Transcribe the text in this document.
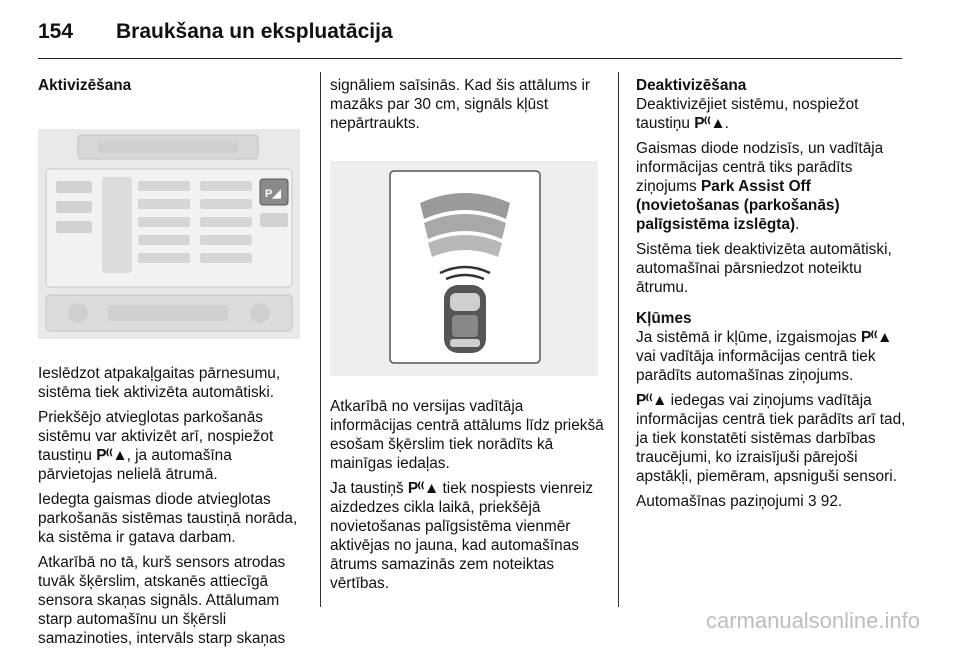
154 Braukšana un ekspluatācija

Aktivizēšana

P◢

Ieslēdzot atpakaļgaitas pārnesumu, sistēma tiek aktivizēta automātiski.

Priekšējo atvieglotas parkošanās sistēmu var aktivizēt arī, nospiežot taustiņu P⁽⁽▲, ja automašīna pārvietojas nelielā ātrumā.

Iedegta gaismas diode atvieglotas parkošanās sistēmas taustiņā norāda, ka sistēma ir gatava darbam.

Atkarībā no tā, kurš sensors atrodas tuvāk šķērslim, atskanēs attiecīgā sensora skaņas signāls. Attālumam starp automašīnu un šķērsli samazinoties, intervāls starp skaņas

signāliem saīsinās. Kad šis attālums ir mazāks par 30 cm, signāls kļūst nepārtraukts.

Atkarībā no versijas vadītāja informācijas centrā attālums līdz priekšā esošam šķērslim tiek norādīts kā mainīgas iedaļas.

Ja taustiņš P⁽⁽▲ tiek nospiests vienreiz aizdedzes cikla laikā, priekšējā novietošanas palīgsistēma vienmēr aktivējas no jauna, kad automašīnas ātrums samazinās zem noteiktas vērtības.

Deaktivizēšana

Deaktivizējiet sistēmu, nospiežot taustiņu P⁽⁽▲.

Gaismas diode nodzisīs, un vadītāja informācijas centrā tiks parādīts ziņojums Park Assist Off (novietošanas (parkošanās) palīgsistēma izslēgta).

Sistēma tiek deaktivizēta automātiski, automašīnai pārsniedzot noteiktu ātrumu.

Kļūmes

Ja sistēmā ir kļūme, izgaismojas P⁽⁽▲ vai vadītāja informācijas centrā tiek parādīts automašīnas ziņojums.

P⁽⁽▲ iedegas vai ziņojums vadītāja informācijas centrā tiek parādīts arī tad, ja tiek konstatēti sistēmas darbības traucējumi, ko izraisījuši pārejoši apstākļi, piemēram, apsniguši sensori.

Automašīnas paziņojumi 3 92.

carmanualsonline.info
